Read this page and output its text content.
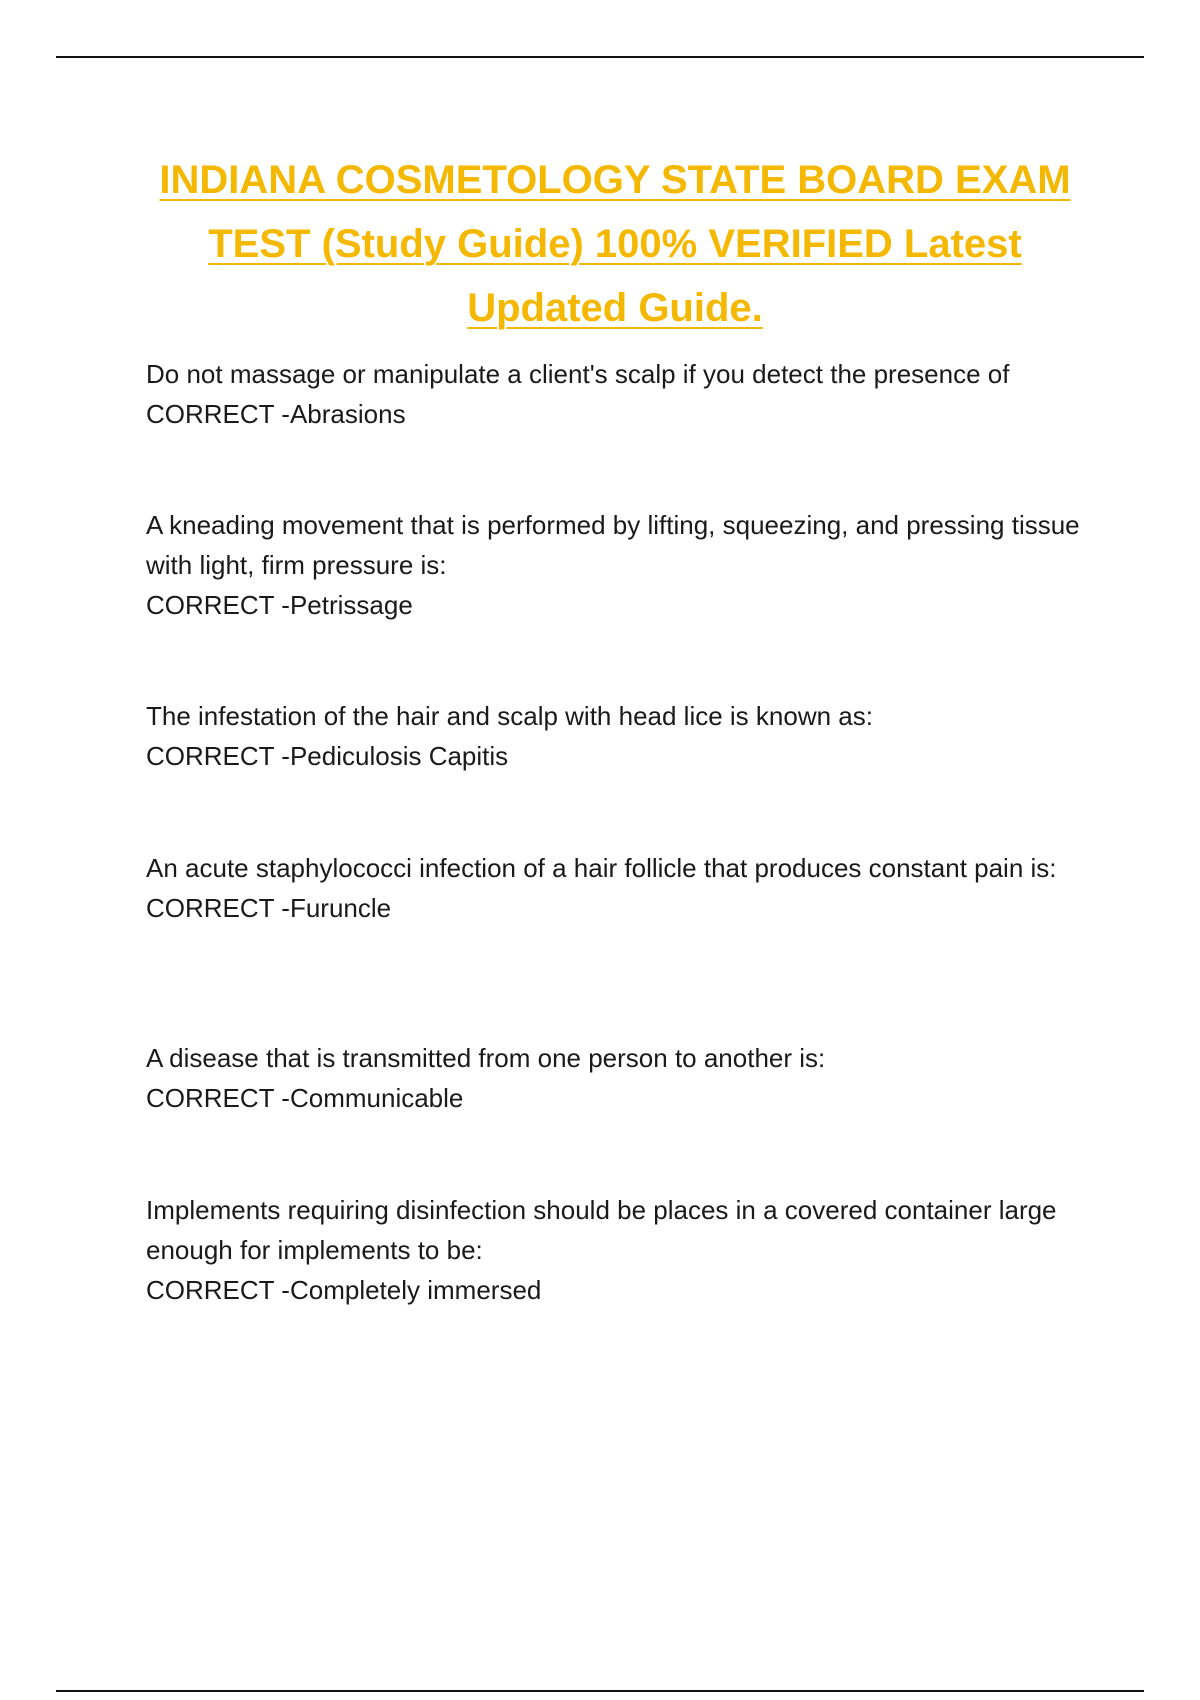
INDIANA COSMETOLOGY STATE BOARD EXAM
TEST (Study Guide) 100% VERIFIED Latest
Updated Guide.
Do not massage or manipulate a client's scalp if you detect the presence of
CORRECT -Abrasions
A kneading movement that is performed by lifting, squeezing, and pressing tissue with light, firm pressure is:
CORRECT -Petrissage
The infestation of the hair and scalp with head lice is known as:
CORRECT -Pediculosis Capitis
An acute staphylococci infection of a hair follicle that produces constant pain is:
CORRECT -Furuncle
A disease that is transmitted from one person to another is:
CORRECT -Communicable
Implements requiring disinfection should be places in a covered container large enough for implements to be:
CORRECT -Completely immersed
